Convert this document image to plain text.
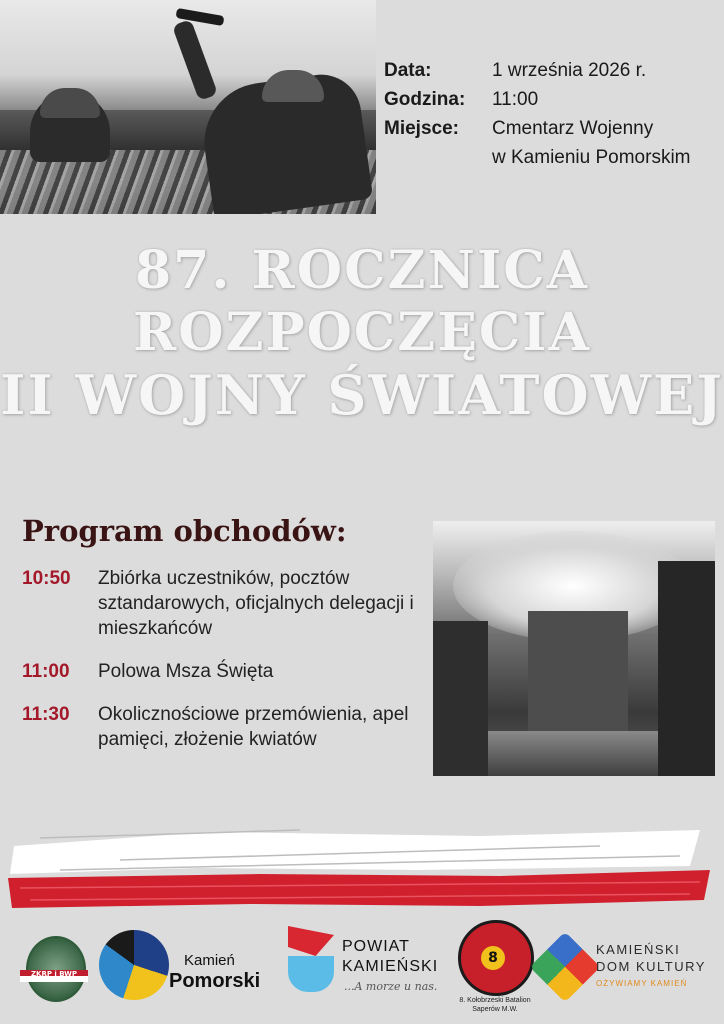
Data:	1 września 2026 r.
Godzina:	11:00
Miejsce:	Cmentarz Wojenny
w Kamieniu Pomorskim
87. ROCZNICA
ROZPOCZĘCIA
II WOJNY ŚWIATOWEJ
Program obchodów:
10:50	Zbiórka uczestników, pocztów sztandarowych, oficjalnych delegacji i mieszkańców
11:00	Polowa Msza Święta
11:30	Okolicznościowe przemówienia, apel pamięci, złożenie kwiatów
ZKRP i BWP
Kamień
Pomorski
POWIAT
KAMIEŃSKI
...A morze u nas.
8
8. Kołobrzeski Batalion Saperów M.W.
KAMIEŃSKI
DOM KULTURY
OŻYWIAMY KAMIEŃ
